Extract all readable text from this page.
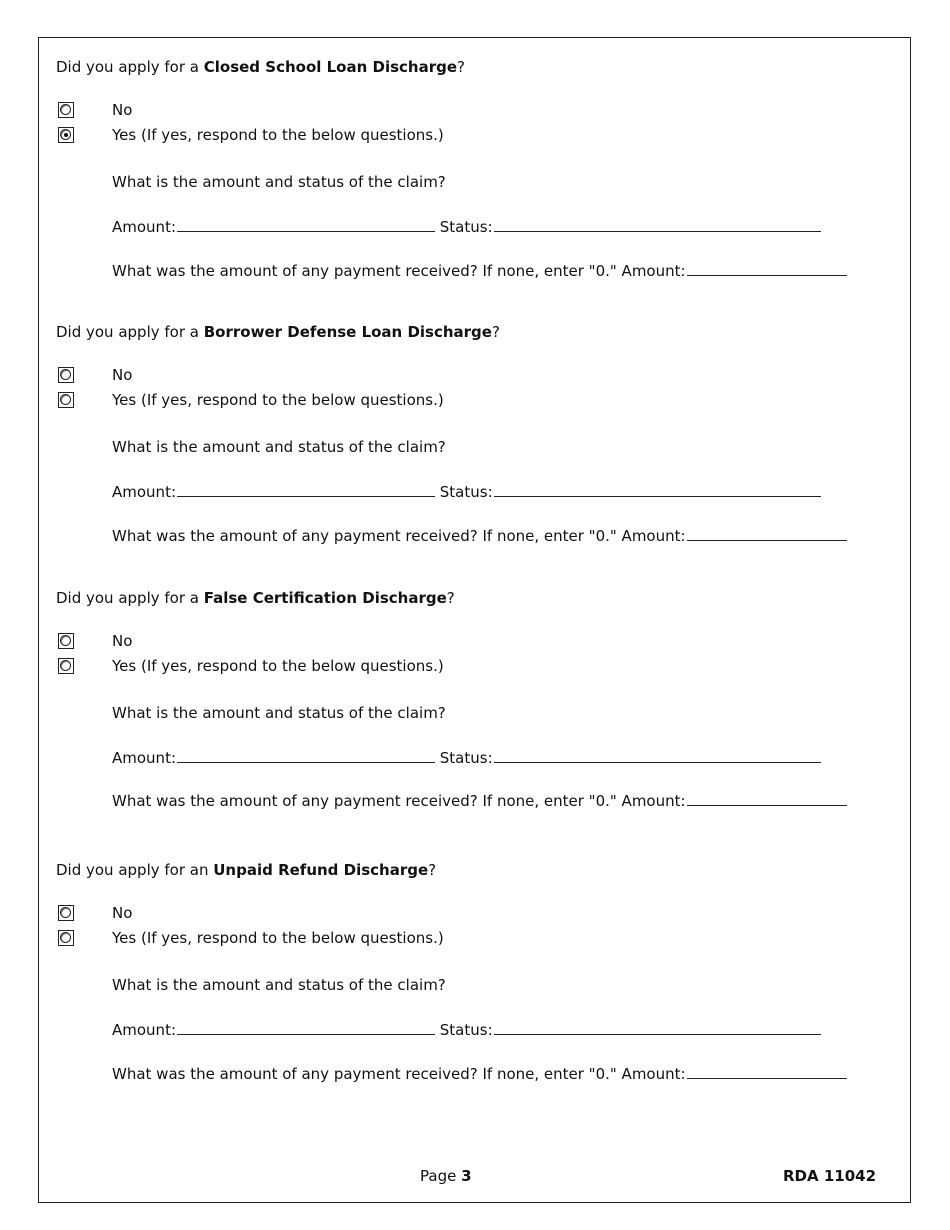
Did you apply for a Closed School Loan Discharge?
No
Yes (If yes, respond to the below questions.)
What is the amount and status of the claim?
Amount:	Status:
What was the amount of any payment received? If none, enter "0." Amount:
Did you apply for a Borrower Defense Loan Discharge?
No
Yes (If yes, respond to the below questions.)
What is the amount and status of the claim?
Amount:	Status:
What was the amount of any payment received? If none, enter "0." Amount:
Did you apply for a False Certification Discharge?
No
Yes (If yes, respond to the below questions.)
What is the amount and status of the claim?
Amount:	Status:
What was the amount of any payment received? If none, enter "0." Amount:
Did you apply for an Unpaid Refund Discharge?
No
Yes (If yes, respond to the below questions.)
What is the amount and status of the claim?
Amount:	Status:
What was the amount of any payment received? If none, enter "0." Amount:
Page 3	RDA 11042
